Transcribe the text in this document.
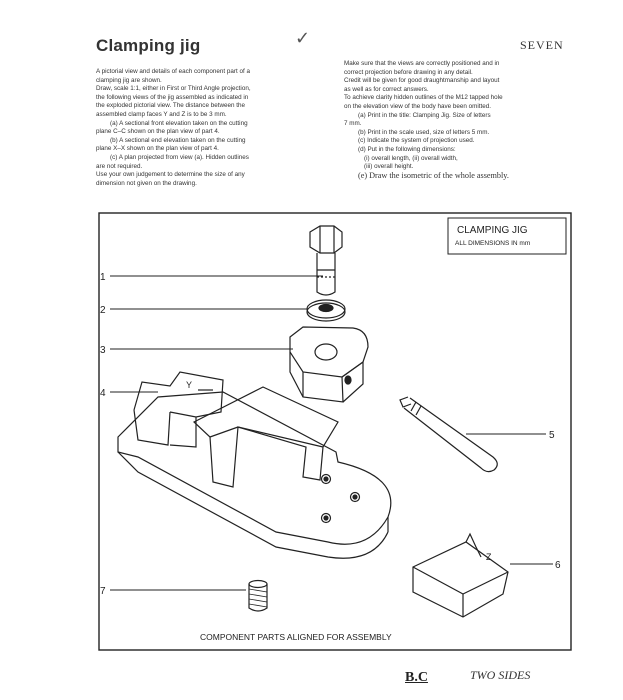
Clamping jig	✓	SEVEN
A pictorial view and details of each component part of a
clamping jig are shown.
Draw, scale 1:1, either in First or Third Angle projection,
the following views of the jig assembled as indicated in
the exploded pictorial view. The distance between the
assembled clamp faces Y and Z is to be 3 mm.
(a) A sectional front elevation taken on the cutting
plane C–C shown on the plan view of part 4.
(b) A sectional end elevation taken on the cutting
plane X–X shown on the plan view of part 4.
(c) A plan projected from view (a). Hidden outlines
are not required.
Use your own judgement to determine the size of any
dimension not given on the drawing.
Make sure that the views are correctly positioned and in
correct projection before drawing in any detail.
Credit will be given for good draughtmanship and layout
as well as for correct answers.
To achieve clarity hidden outlines of the M12 tapped hole
on the elevation view of the body have been omitted.
(a) Print in the title: Clamping Jig. Size of letters
7 mm.
(b) Print in the scale used, size of letters 5 mm.
(c) Indicate the system of projection used.
(d) Put in the following dimensions:
(i) overall length, (ii) overall width,
(iii) overall height.
(e) Draw the isometric of the whole assembly.
CLAMPING JIG
ALL DIMENSIONS IN mm
1
2
3
4
5
6
7
Y
Z
COMPONENT PARTS ALIGNED FOR ASSEMBLY
B.C	TWO SIDES
